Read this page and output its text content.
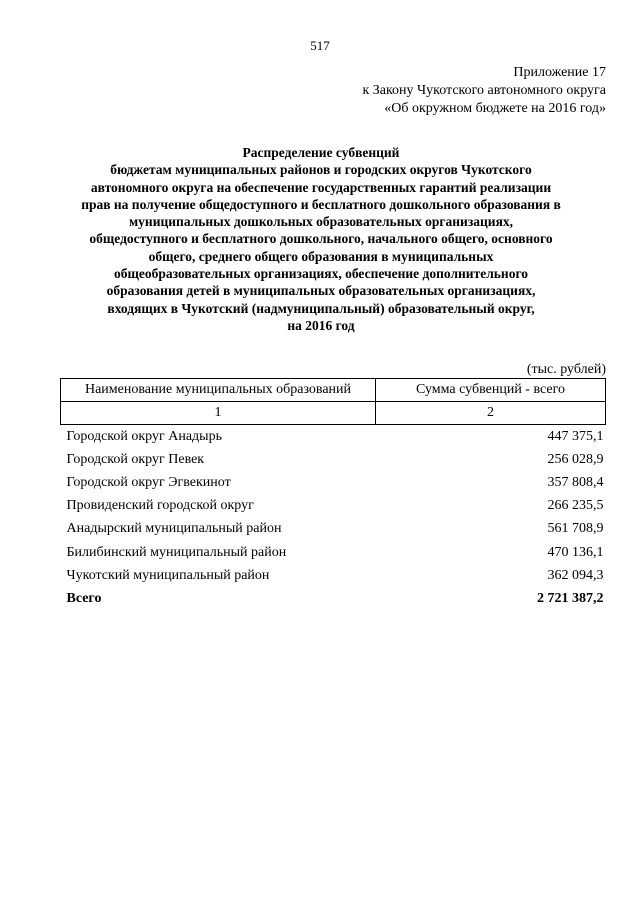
517
Приложение 17
к Закону Чукотского автономного округа
«Об окружном бюджете на 2016 год»
Распределение субвенций
бюджетам муниципальных районов и городских округов Чукотского
автономного округа на обеспечение государственных гарантий реализации
прав на получение общедоступного и бесплатного дошкольного образования в
муниципальных дошкольных образовательных организациях,
общедоступного и бесплатного дошкольного, начального общего, основного
общего, среднего общего образования в муниципальных
общеобразовательных организациях, обеспечение дополнительного
образования детей в муниципальных образовательных организациях,
входящих в Чукотский (надмуниципальный) образовательный округ,
на 2016 год
(тыс. рублей)
Наименование муниципальных образований	Сумма субвенций - всего
1	2
Городской округ Анадырь	447 375,1
Городской округ Певек	256 028,9
Городской округ Эгвекинот	357 808,4
Провиденский городской округ	266 235,5
Анадырский муниципальный район	561 708,9
Билибинский муниципальный район	470 136,1
Чукотский муниципальный район	362 094,3
Всего	2 721 387,2
